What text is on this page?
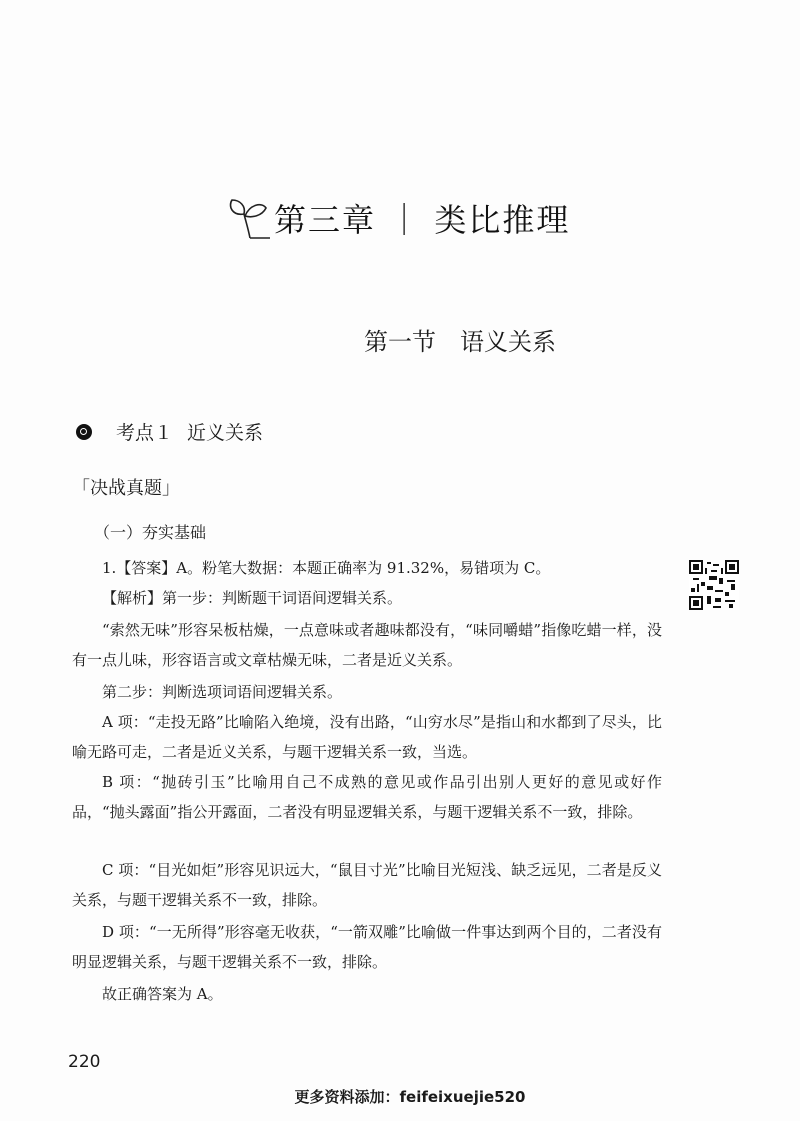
第三章 ｜ 类比推理
第一节 语义关系
考点１ 近义关系
「决战真题」
（一）夯实基础

1.【答案】A。粉笔大数据：本题正确率为 91.32%，易错项为 C。

【解析】第一步：判断题干词语间逻辑关系。

“索然无味”形容呆板枯燥，一点意味或者趣味都没有，“味同嚼蜡”指像吃蜡一样，没有一点儿味，形容语言或文章枯燥无味，二者是近义关系。

第二步：判断选项词语间逻辑关系。

A 项：“走投无路”比喻陷入绝境，没有出路，“山穷水尽”是指山和水都到了尽头，比喻无路可走，二者是近义关系，与题干逻辑关系一致，当选。

B 项：“抛砖引玉”比喻用自己不成熟的意见或作品引出别人更好的意见或好作品，“抛头露面”指公开露面，二者没有明显逻辑关系，与题干逻辑关系不一致，排除。

C 项：“目光如炬”形容见识远大，“鼠目寸光”比喻目光短浅、缺乏远见，二者是反义关系，与题干逻辑关系不一致，排除。

D 项：“一无所得”形容毫无收获，“一箭双雕”比喻做一件事达到两个目的，二者没有明显逻辑关系，与题干逻辑关系不一致，排除。

故正确答案为 A。

220
更多资料添加：feifeixuejie520
